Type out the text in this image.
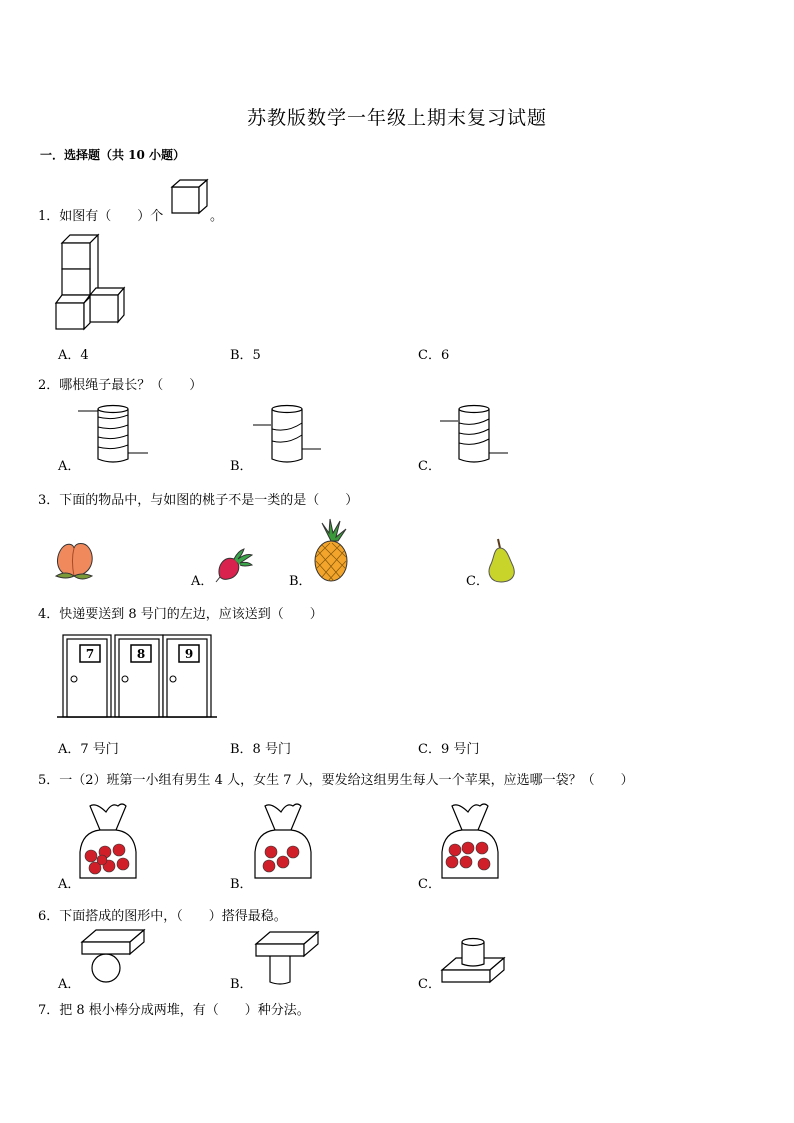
苏教版数学一年级上期末复习试题
一．选择题（共 10 小题）
1．如图有（　　）个	。
A．4	B．5	C．6
2．哪根绳子最长？（　　）
A．	B．	C．
3．下面的物品中，与如图的桃子不是一类的是（　　）
A．	B．	C．
4．快递要送到 8 号门的左边，应该送到（　　）
7	8	9
A．7 号门	B．8 号门	C．9 号门
5．一（2）班第一小组有男生 4 人，女生 7 人，要发给这组男生每人一个苹果，应选哪一袋？（　　）
A．	B．	C．
6．下面搭成的图形中，（　　）搭得最稳。
A．	B．	C．
7．把 8 根小棒分成两堆，有（　　）种分法。
